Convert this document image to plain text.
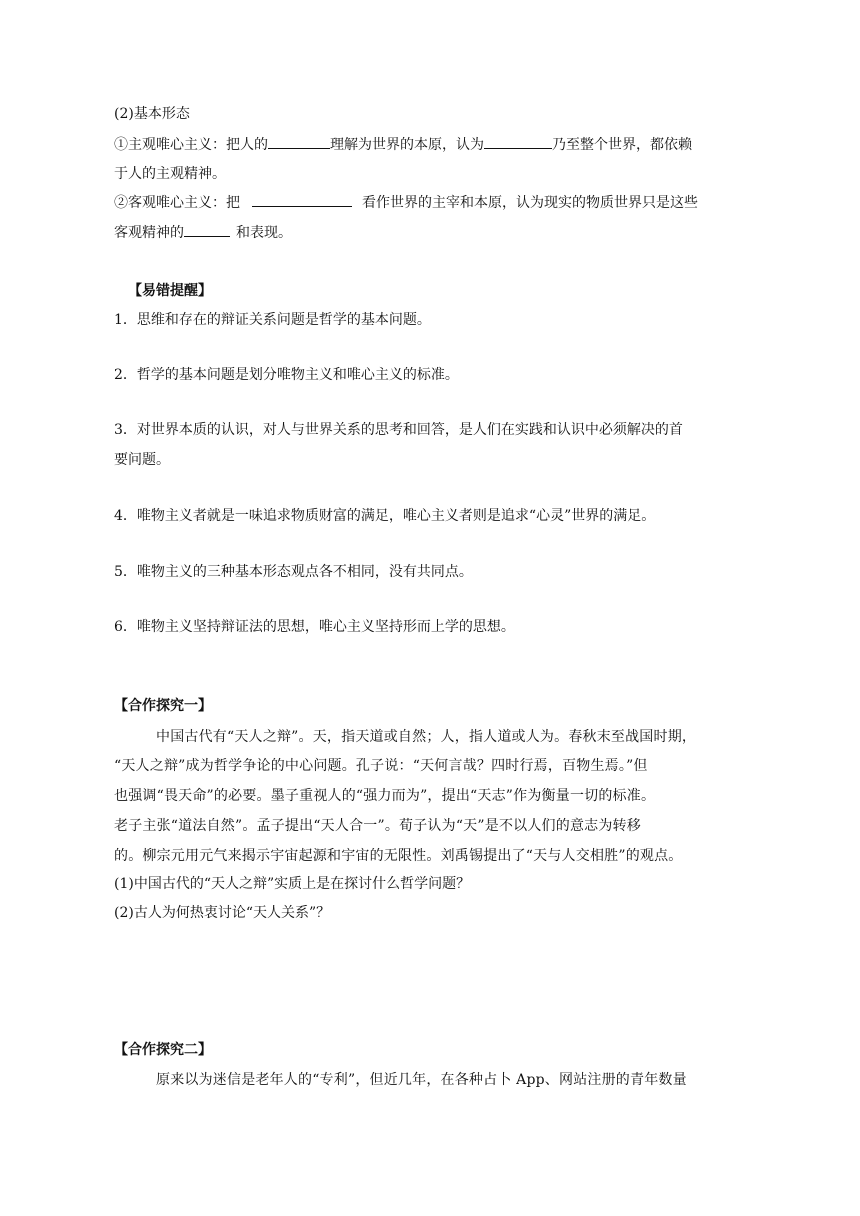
(2)基本形态
①主观唯心主义：把人的	理解为世界的本原，认为	乃至整个世界，都依赖
于人的主观精神。
②客观唯心主义：把	看作世界的主宰和本原，认为现实的物质世界只是这些
客观精神的	和表现。
【易错提醒】
1．思维和存在的辩证关系问题是哲学的基本问题。
2．哲学的基本问题是划分唯物主义和唯心主义的标准。
3．对世界本质的认识，对人与世界关系的思考和回答，是人们在实践和认识中必须解决的首
要问题。
4．唯物主义者就是一味追求物质财富的满足，唯心主义者则是追求“心灵”世界的满足。
5．唯物主义的三种基本形态观点各不相同，没有共同点。
6．唯物主义坚持辩证法的思想，唯心主义坚持形而上学的思想。
【合作探究一】
中国古代有“天人之辩”。天，指天道或自然；人，指人道或人为。春秋末至战国时期，
“天人之辩”成为哲学争论的中心问题。孔子说：“天何言哉？四时行焉，百物生焉。”但
也强调“畏天命”的必要。墨子重视人的“强力而为”，提出“天志”作为衡量一切的标准。
老子主张“道法自然”。孟子提出“天人合一”。荀子认为“天”是不以人们的意志为转移
的。柳宗元用元气来揭示宇宙起源和宇宙的无限性。刘禹锡提出了“天与人交相胜”的观点。
(1)中国古代的“天人之辩”实质上是在探讨什么哲学问题？
(2)古人为何热衷讨论“天人关系”？
【合作探究二】
原来以为迷信是老年人的“专利”，但近几年，在各种占卜 App、网站注册的青年数量
